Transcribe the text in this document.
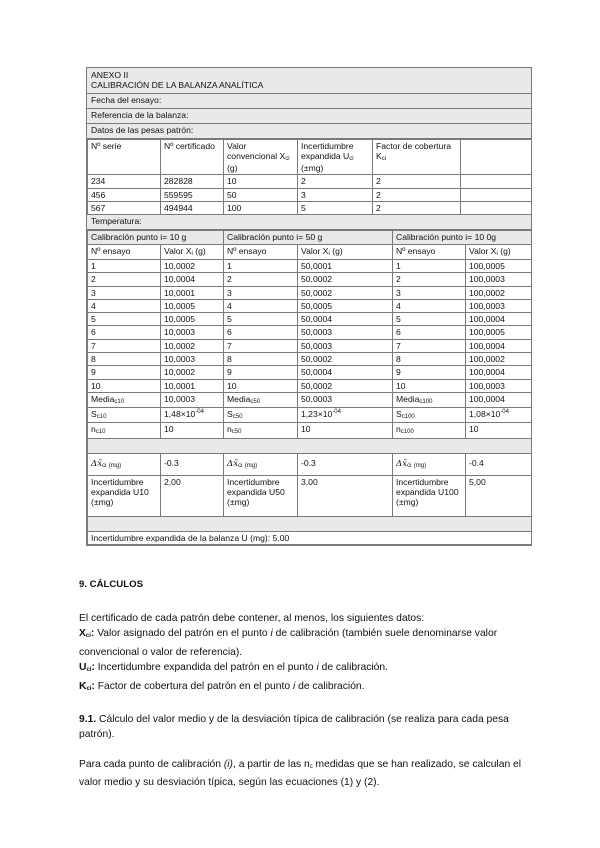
ANEXO II
CALIBRACIÓN DE LA BALANZA ANALÍTICA
Fecha del ensayo:
Referencia de la balanza:
Datos de las pesas patrón:
Nº serie	Nº certificado	Valor convencional $X_{ci}$ (g)	Incertidumbre expandida $U_{ci}$ (±mg)	Factor de cobertura $K_{ci}$	
234	282828	10	2	2	
456	559595	50	3	2	
567	494944	100	5	2	
Temperatura:
Calibración punto i= 10 g		Calibración punto i= 50 g		Calibración punto i= 10 0g	
Nº ensayo	Valor $X_i$ (g)	Nº ensayo	Valor $X_i$ (g)	Nº ensayo	Valor $X_i$ (g)
1	10,0002	1	50,0001	1	100,0005
2	10,0004	2	50,0002	2	100,0003
3	10,0001	3	50,0002	3	100,0002
4	10,0005	4	50,0005	4	100,0003
5	10,0005	5	50,0004	5	100,0004
6	10,0003	6	50,0003	6	100,0005
7	10,0002	7	50,0003	7	100,0004
8	10,0003	8	50,0002	8	100,0002
9	10,0002	9	50,0004	9	100,0004
10	10,0001	10	50,0002	10	100,0003
Media$_{c10}$	10,0003	Media$_{c50}$	50,0003	Media$_{c100}$	100,0004
$S_{c10}$	$1,48\times 10^{-04}$	$S_{c50}$	$1,23\times 10^{-04}$	$S_{c100}$	$1,08\times 10^{-04}$
$n_{c10}$	10	$n_{c50}$	10	$n_{c100}$	10

$\Delta x̄_{ci}$ $_{(mg)}$	-0.3	$\Delta x̄_{ci}$ $_{(mg)}$	-0.3	$\Delta x̄_{ci}$ $_{(mg)}$	-0.4
Incertidumbre expandida U10 (±mg)	2,00	Incertidumbre expandida U50 (±mg)	3,00	Incertidumbre expandida U100 (±mg)	5,00

Incertidumbre expandida de la balanza U (mg): 5.00					

9. CÁLCULOS

El certificado de cada patrón debe contener, al menos, los siguientes datos:

$X_{ci}$: Valor asignado del patrón en el punto i de calibración (también suele denominarse valor convencional o valor de referencia).

$U_{ci}$: Incertidumbre expandida del patrón en el punto i de calibración.

$K_{ci}$: Factor de cobertura del patrón en el punto i de calibración.

9.1. Cálculo del valor medio y de la desviación típica de calibración (se realiza para cada pesa patrón).

Para cada punto de calibración (i), a partir de las $n_c$ medidas que se han realizado, se calculan el valor medio y su desviación típica, según las ecuaciones (1) y (2).
